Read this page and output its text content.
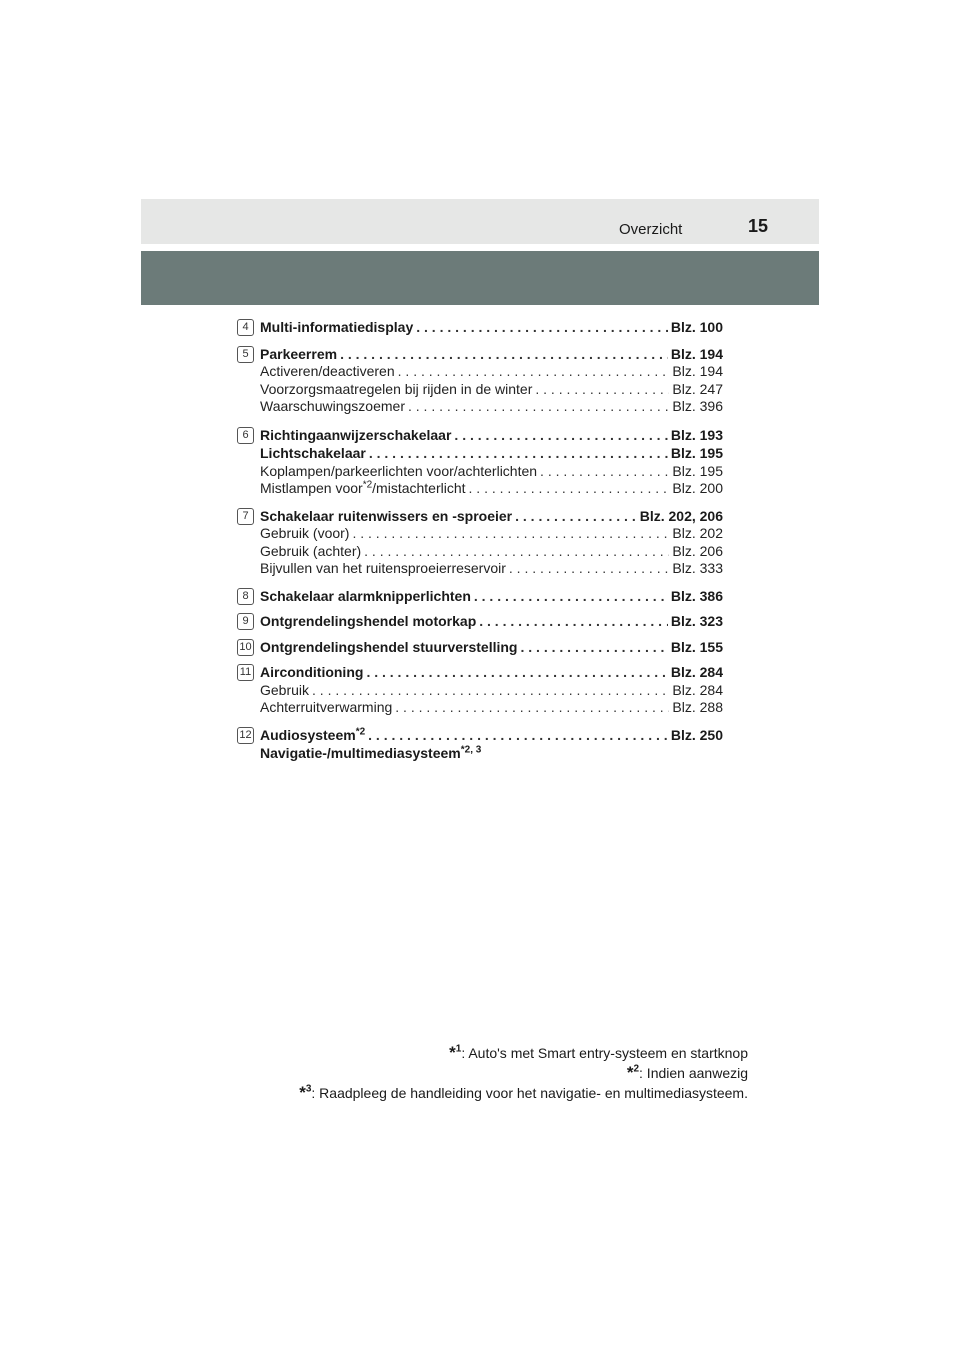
Overzicht	15
4 Multi-informatiedisplay . . .	Blz. 100
5 Parkeerrem . . .	Blz. 194
Activeren/deactiveren . . .	Blz. 194
Voorzorgsmaatregelen bij rijden in de winter . . .	Blz. 247
Waarschuwingszoemer . . .	Blz. 396
6 Richtingaanwijzerschakelaar . . .	Blz. 193
Lichtschakelaar . . .	Blz. 195
Koplampen/parkeerlichten voor/achterlichten . . .	Blz. 195
Mistlampen voor$^{*2}$/mistachterlicht . . .	Blz. 200
7 Schakelaar ruitenwissers en -sproeier . . .	Blz. 202, 206
Gebruik (voor) . . .	Blz. 202
Gebruik (achter) . . .	Blz. 206
Bijvullen van het ruitensproeierreservoir . . .	Blz. 333
8 Schakelaar alarmknipperlichten . . .	Blz. 386
9 Ontgrendelingshendel motorkap . . .	Blz. 323
10 Ontgrendelingshendel stuurverstelling . . .	Blz. 155
11 Airconditioning . . .	Blz. 284
Gebruik . . .	Blz. 284
Achterruitverwarming . . .	Blz. 288
12 Audiosysteem$^{*2}$ . . .	Blz. 250
Navigatie-/multimediasysteem$^{*2, 3}$
*$^1$: Auto's met Smart entry-systeem en startknop
*$^2$: Indien aanwezig
*$^3$: Raadpleeg de handleiding voor het navigatie- en multimediasysteem.
